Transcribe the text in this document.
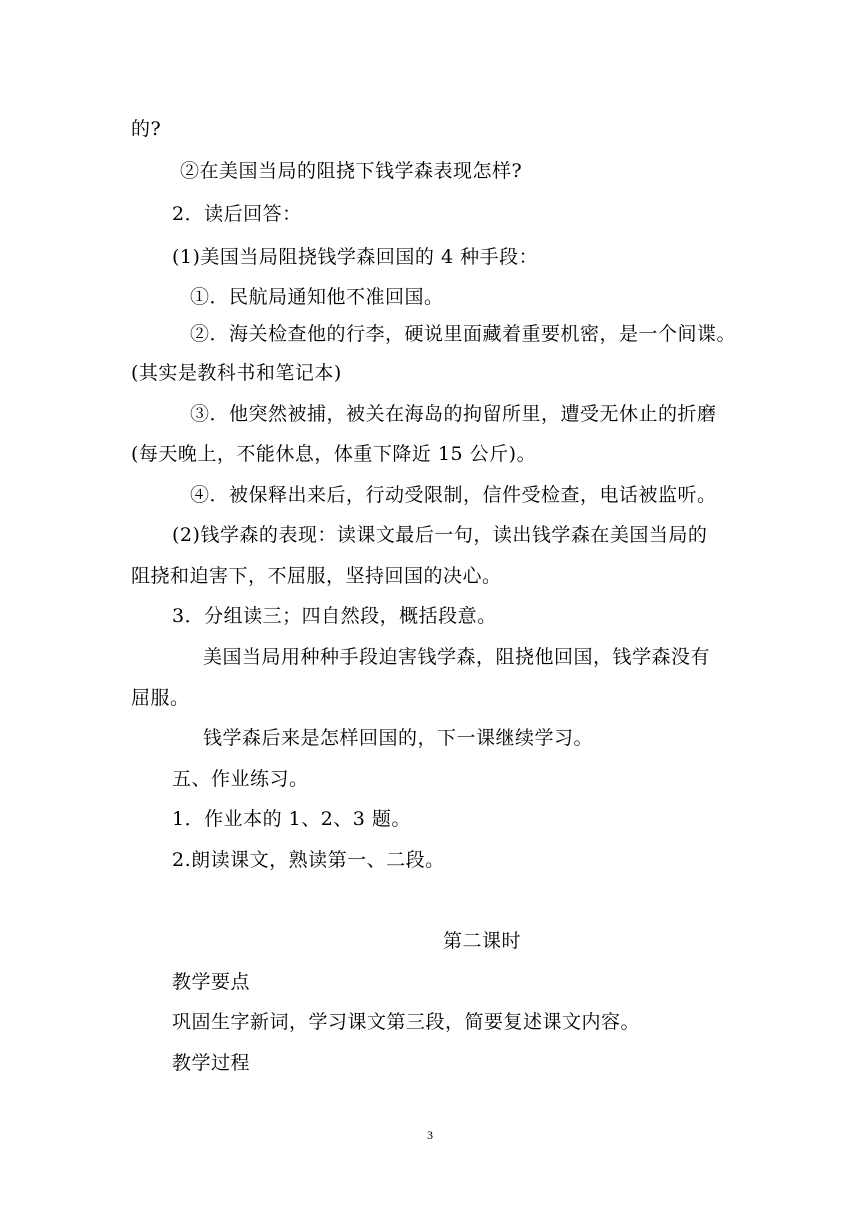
的?
②在美国当局的阻挠下钱学森表现怎样?
2．读后回答：
(1)美国当局阻挠钱学森回国的 4 种手段：
①．民航局通知他不准回国。
②．海关检查他的行李，硬说里面藏着重要机密，是一个间谍。
(其实是教科书和笔记本)
③．他突然被捕，被关在海岛的拘留所里，遭受无休止的折磨
(每天晚上，不能休息，体重下降近 15 公斤)。
④．被保释出来后，行动受限制，信件受检查，电话被监听。
(2)钱学森的表现：读课文最后一句，读出钱学森在美国当局的
阻挠和迫害下，不屈服，坚持回国的决心。
3．分组读三；四自然段，概括段意。
美国当局用种种手段迫害钱学森，阻挠他回国，钱学森没有
屈服。
钱学森后来是怎样回国的，下一课继续学习。
五、作业练习。
1．作业本的 1、2、3 题。
2.朗读课文，熟读第一、二段。
第二课时
教学要点
巩固生字新词，学习课文第三段，简要复述课文内容。
教学过程
3
